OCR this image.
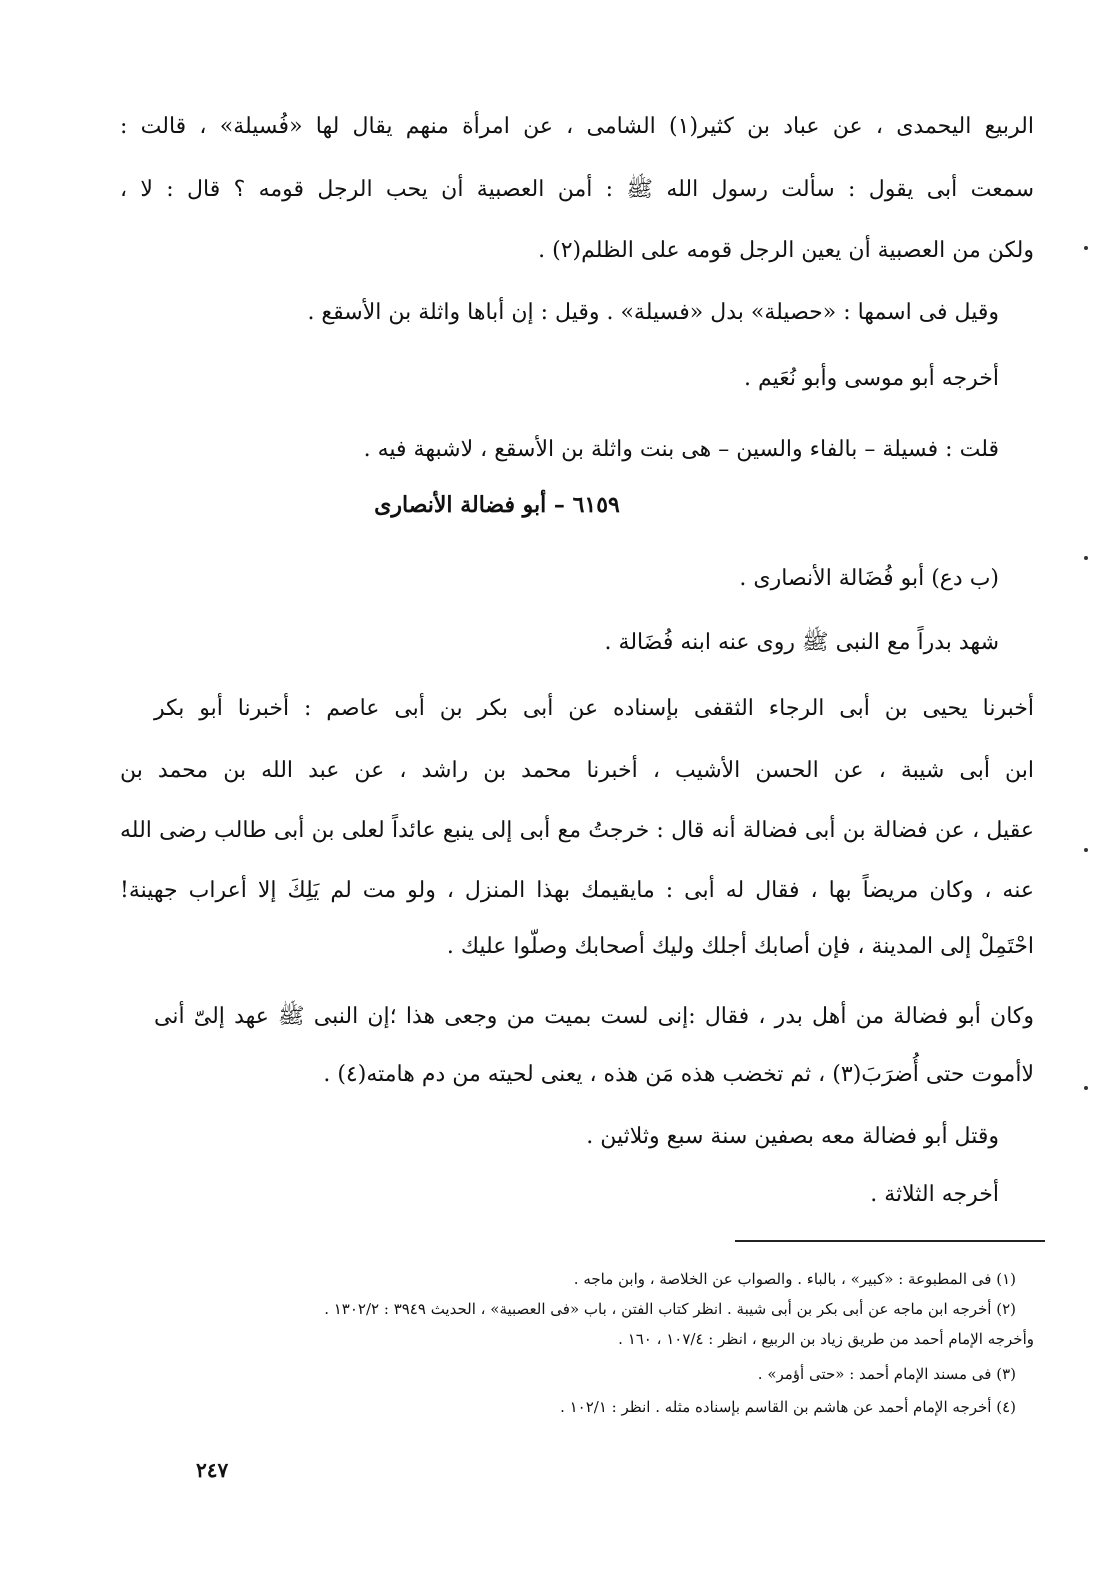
الربيع اليحمدى ، عن عباد بن كثير(١) الشامى ، عن امرأة منهم يقال لها «فُسيلة» ، قالت :

سمعت أبى يقول : سألت رسول الله ﷺ : أمن العصبية أن يحب الرجل قومه ؟ قال : لا ،

ولكن من العصبية أن يعين الرجل قومه على الظلم(٢) .

وقيل فى اسمها : «حصيلة» بدل «فسيلة» . وقيل : إن أباها واثلة بن الأسقع .

أخرجه أبو موسى وأبو نُعَيم .

قلت : فسيلة – بالفاء والسين – هى بنت واثلة بن الأسقع ، لاشبهة فيه .

٦١٥٩ – أبو فضالة الأنصارى

(ب دع) أبو فُضَالة الأنصارى .

شهد بدراً مع النبى ﷺ روى عنه ابنه فُضَالة .

أخبرنا يحيى بن أبى الرجاء الثقفى بإسناده عن أبى بكر بن أبى عاصم : أخبرنا أبو بكر

ابن أبى شيبة ، عن الحسن الأشيب ، أخبرنا محمد بن راشد ، عن عبد الله بن محمد بن

عقيل ، عن فضالة بن أبى فضالة أنه قال : خرجتُ مع أبى إلى ينبع عائداً لعلى بن أبى طالب رضى الله

عنه ، وكان مريضاً بها ، فقال له أبى : مايقيمك بهذا المنزل ، ولو مت لم يَلِكَ إلا أعراب جهينة!

احْتَمِلْ إلى المدينة ، فإن أصابك أجلك وليك أصحابك وصلّوا عليك .

وكان أبو فضالة من أهل بدر ، فقال :إنى لست بميت من وجعى هذا ؛إن النبى ﷺ عهد إلىّ أنى

لاأموت حتى أُضرَبَ(٣) ، ثم تخضب هذه مَن هذه ، يعنى لحيته من دم هامته(٤) .

وقتل أبو فضالة معه بصفين سنة سبع وثلاثين .

أخرجه الثلاثة .

(١) فى المطبوعة : «كبير» ، بالباء . والصواب عن الخلاصة ، وابن ماجه .

(٢) أخرجه ابن ماجه عن أبى بكر بن أبى شيبة . انظر كتاب الفتن ، باب «فى العصبية» ، الحديث ٣٩٤٩ : ١٣٠٢/٢ .

وأخرجه الإمام أحمد من طريق زياد بن الربيع ، انظر : ١٠٧/٤ ، ١٦٠ .

(٣) فى مسند الإمام أحمد : «حتى أؤمر» .

(٤) أخرجه الإمام أحمد عن هاشم بن القاسم بإسناده مثله . انظر : ١٠٢/١ .

٢٤٧
